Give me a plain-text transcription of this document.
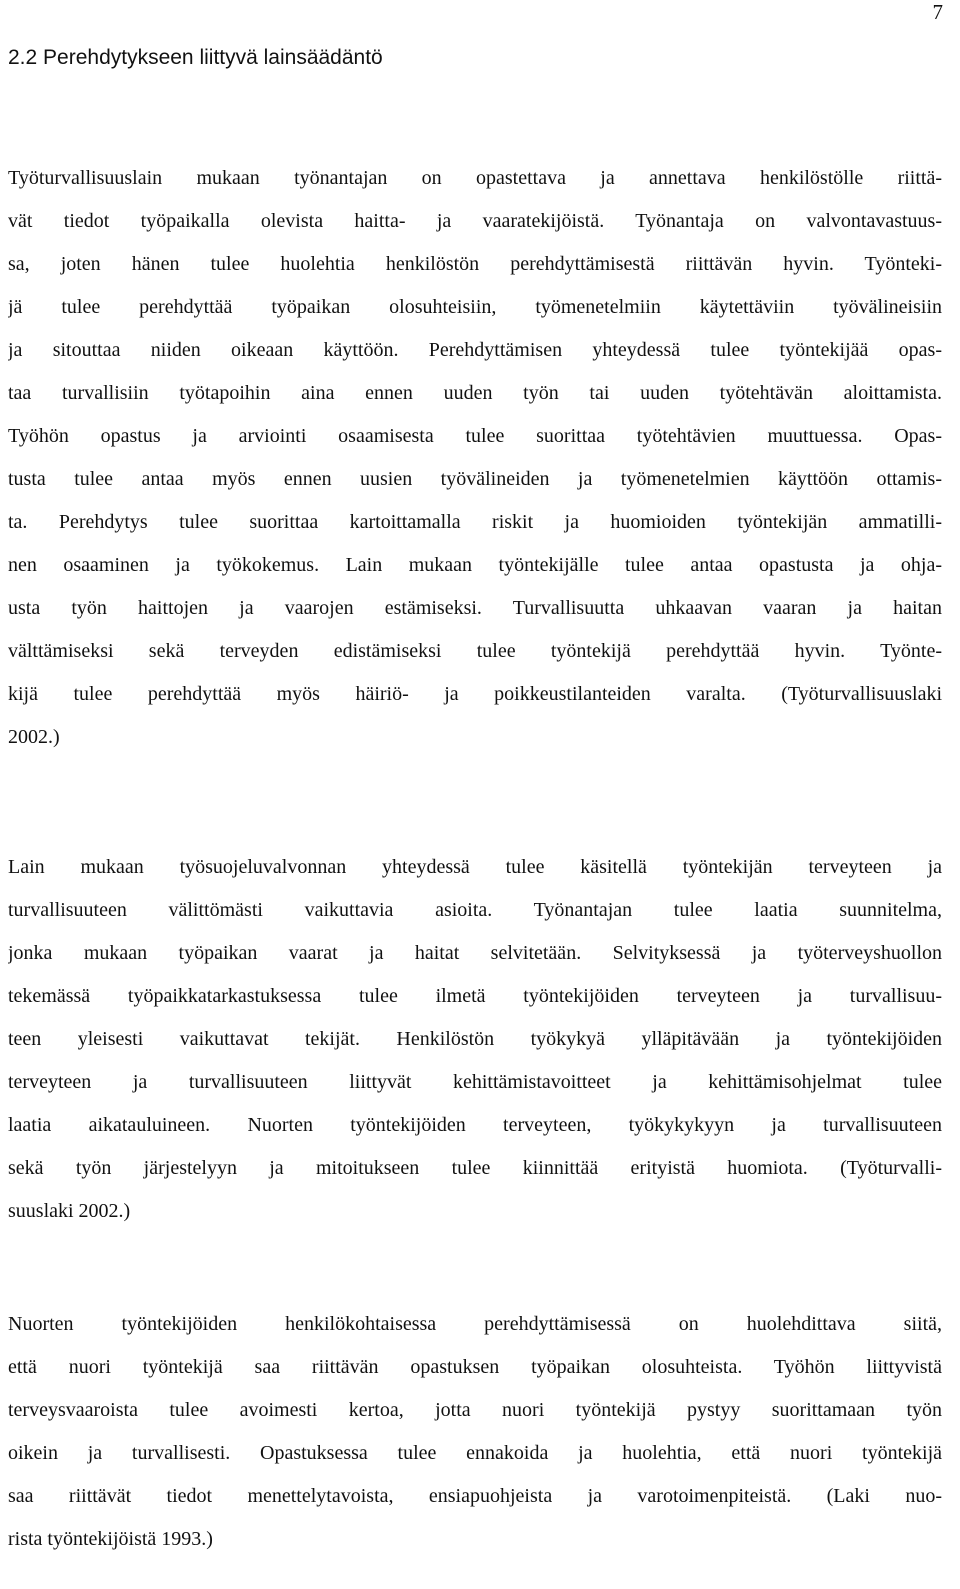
7
2.2 Perehdytykseen liittyvä lainsäädäntö

Työturvallisuuslain mukaan työnantajan on opastettava ja annettava henkilöstölle riittä-
vät tiedot työpaikalla olevista haitta- ja vaaratekijöistä. Työnantaja on valvontavastuus-
sa, joten hänen tulee huolehtia henkilöstön perehdyttämisestä riittävän hyvin. Työnteki-
jä tulee perehdyttää työpaikan olosuhteisiin, työmenetelmiin käytettäviin työvälineisiin
ja sitouttaa niiden oikeaan käyttöön. Perehdyttämisen yhteydessä tulee työntekijää opas-
taa turvallisiin työtapoihin aina ennen uuden työn tai uuden työtehtävän aloittamista.
Työhön opastus ja arviointi osaamisesta tulee suorittaa työtehtävien muuttuessa. Opas-
tusta tulee antaa myös ennen uusien työvälineiden ja työmenetelmien käyttöön ottamis-
ta. Perehdytys tulee suorittaa kartoittamalla riskit ja huomioiden työntekijän ammatilli-
nen osaaminen ja työkokemus. Lain mukaan työntekijälle tulee antaa opastusta ja ohja-
usta työn haittojen ja vaarojen estämiseksi. Turvallisuutta uhkaavan vaaran ja haitan
välttämiseksi sekä terveyden edistämiseksi tulee työntekijä perehdyttää hyvin. Työnte-
kijä tulee perehdyttää myös häiriö- ja poikkeustilanteiden varalta. (Työturvallisuuslaki
2002.)

Lain mukaan työsuojeluvalvonnan yhteydessä tulee käsitellä työntekijän terveyteen ja
turvallisuuteen välittömästi vaikuttavia asioita. Työnantajan tulee laatia suunnitelma,
jonka mukaan työpaikan vaarat ja haitat selvitetään. Selvityksessä ja työterveyshuollon
tekemässä työpaikkatarkastuksessa tulee ilmetä työntekijöiden terveyteen ja turvallisuu-
teen yleisesti vaikuttavat tekijät. Henkilöstön työkykyä ylläpitävään ja työntekijöiden
terveyteen ja turvallisuuteen liittyvät kehittämistavoitteet ja kehittämisohjelmat tulee
laatia aikatauluineen. Nuorten työntekijöiden terveyteen, työkykykyyn ja turvallisuuteen
sekä työn järjestelyyn ja mitoitukseen tulee kiinnittää erityistä huomiota. (Työturvalli-
suuslaki 2002.)

Nuorten työntekijöiden henkilökohtaisessa perehdyttämisessä on huolehdittava siitä,
että nuori työntekijä saa riittävän opastuksen työpaikan olosuhteista. Työhön liittyvistä
terveysvaaroista tulee avoimesti kertoa, jotta nuori työntekijä pystyy suorittamaan työn
oikein ja turvallisesti. Opastuksessa tulee ennakoida ja huolehtia, että nuori työntekijä
saa riittävät tiedot menettelytavoista, ensiapuohjeista ja varotoimenpiteistä. (Laki nuo-
rista työntekijöistä 1993.)
